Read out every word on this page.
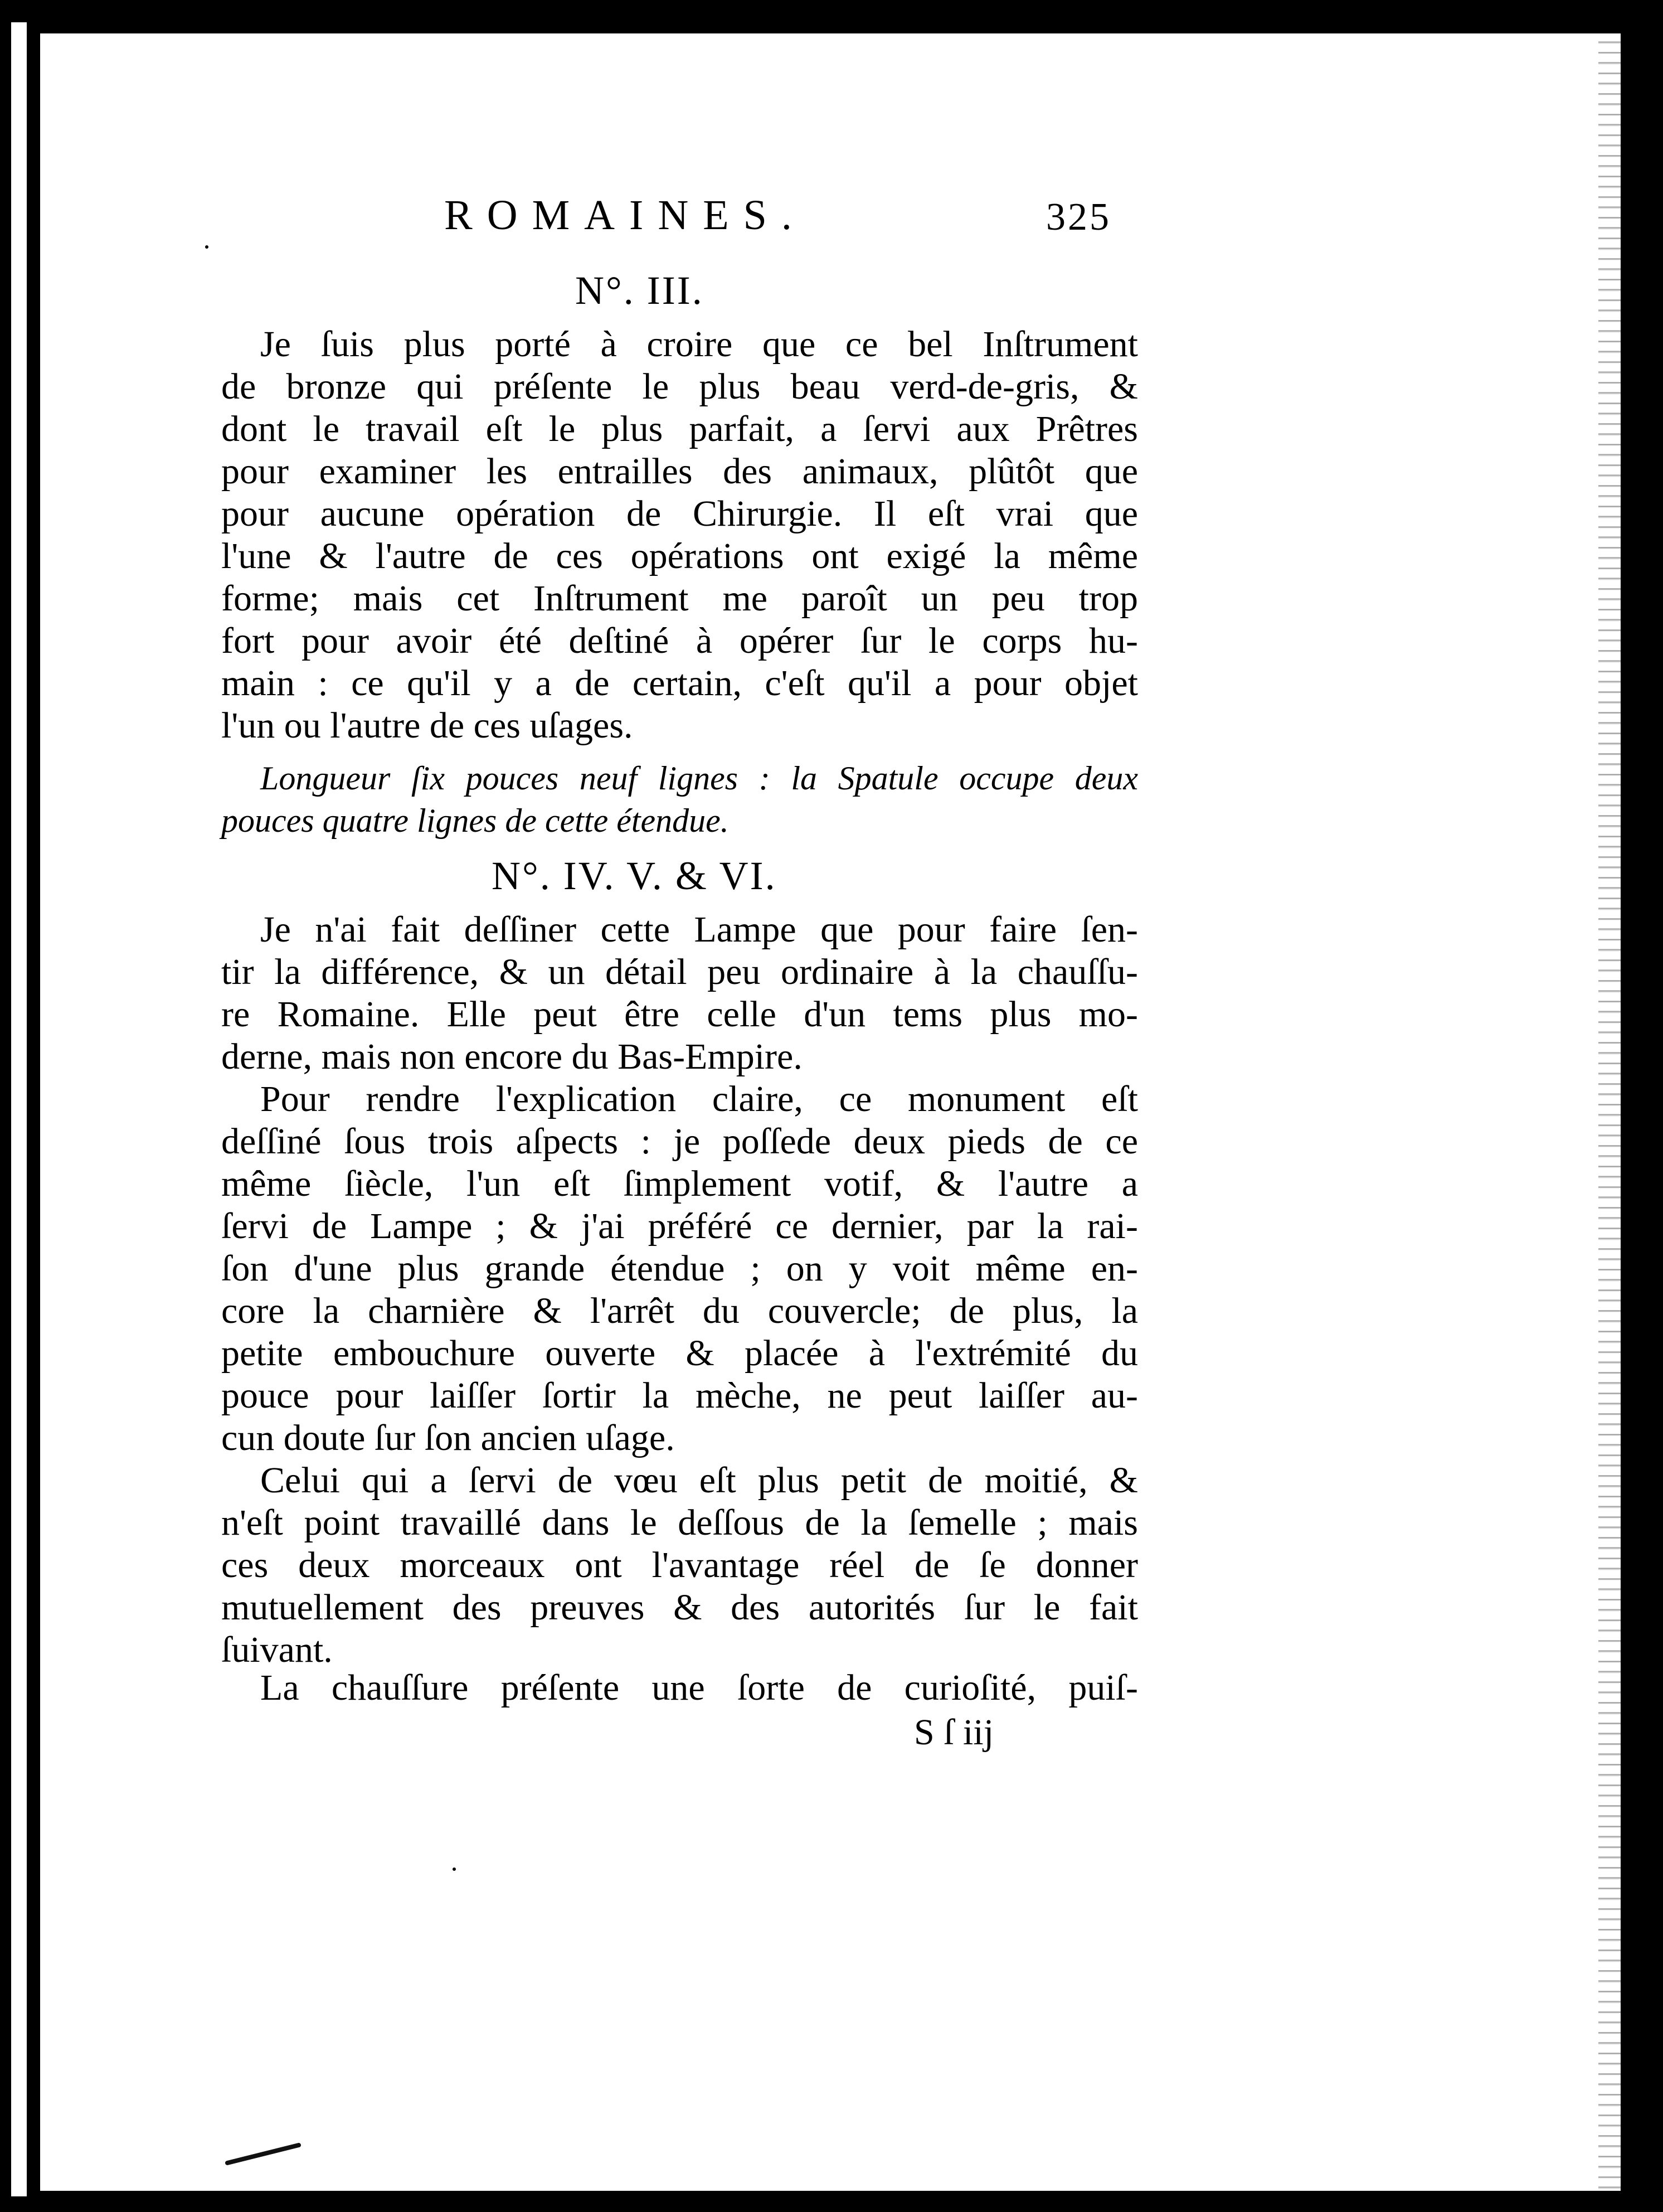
ROMAINES.	325
N°. III.
Je ſuis plus porté à croire que ce bel Inſtrument
de bronze qui préſente le plus beau verd-de-gris, &
dont le travail eſt le plus parfait, a ſervi aux Prêtres
pour examiner les entrailles des animaux, plûtôt que
pour aucune opération de Chirurgie. Il eſt vrai que
l'une & l'autre de ces opérations ont exigé la même
forme; mais cet Inſtrument me paroît un peu trop
fort pour avoir été deſtiné à opérer ſur le corps hu-
main : ce qu'il y a de certain, c'eſt qu'il a pour objet
l'un ou l'autre de ces uſages.
Longueur ſix pouces neuf lignes : la Spatule occupe deux
pouces quatre lignes de cette étendue.
N°. IV. V. & VI.
Je n'ai fait deſſiner cette Lampe que pour faire ſen-
tir la différence, & un détail peu ordinaire à la chauſſu-
re Romaine. Elle peut être celle d'un tems plus mo-
derne, mais non encore du Bas-Empire.
Pour rendre l'explication claire, ce monument eſt
deſſiné ſous trois aſpects : je poſſede deux pieds de ce
même ſiècle, l'un eſt ſimplement votif, & l'autre a
ſervi de Lampe ; & j'ai préféré ce dernier, par la rai-
ſon d'une plus grande étendue ; on y voit même en-
core la charnière & l'arrêt du couvercle; de plus, la
petite embouchure ouverte & placée à l'extrémité du
pouce pour laiſſer ſortir la mèche, ne peut laiſſer au-
cun doute ſur ſon ancien uſage.
Celui qui a ſervi de vœu eſt plus petit de moitié, &
n'eſt point travaillé dans le deſſous de la ſemelle ; mais
ces deux morceaux ont l'avantage réel de ſe donner
mutuellement des preuves & des autorités ſur le fait
ſuivant.
La chauſſure préſente une ſorte de curioſité, puiſ-
S ſ iij
